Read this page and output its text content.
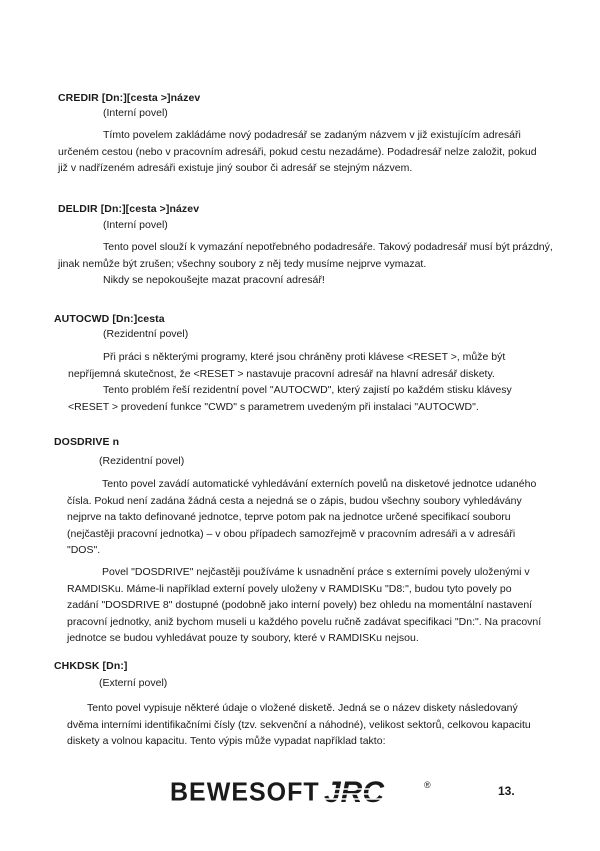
CREDIR [Dn:][cesta >]název
(Interní povel)
Tímto povelem zakládáme nový podadresář se zadaným názvem v již existujícím adresáři
určeném cestou (nebo v pracovním adresáři, pokud cestu nezadáme). Podadresář nelze založit, pokud
již v nadřízeném adresáři existuje jiný soubor či adresář se stejným názvem.
DELDIR [Dn:][cesta >]název
(Interní povel)
Tento povel slouží k vymazání nepotřebného podadresáře. Takový podadresář musí být prázdný,
jinak nemůže být zrušen; všechny soubory z něj tedy musíme nejprve vymazat.
Nikdy se nepokoušejte mazat pracovní adresář!
AUTOCWD [Dn:]cesta
(Rezidentní povel)
Při práci s některými programy, které jsou chráněny proti klávese <RESET >, může být
nepříjemná skutečnost, že <RESET > nastavuje pracovní adresář na hlavní adresář diskety.
Tento problém řeší rezidentní povel "AUTOCWD", který zajistí po každém stisku klávesy
<RESET > provedení funkce "CWD" s parametrem uvedeným při instalaci "AUTOCWD".
DOSDRIVE n
(Rezidentní povel)
Tento povel zavádí automatické vyhledávání externích povelů na disketové jednotce udaného
čísla. Pokud není zadána žádná cesta a nejedná se o zápis, budou všechny soubory vyhledávány
nejprve na takto definované jednotce, teprve potom pak na jednotce určené specifikací souboru
(nejčastěji pracovní jednotka) – v obou případech samozřejmě v pracovním adresáři a v adresáři
"DOS".
Povel "DOSDRIVE" nejčastěji používáme k usnadnění práce s externími povely uloženými v
RAMDISKu. Máme-li například externí povely uloženy v RAMDISKu "D8:", budou tyto povely po
zadání "DOSDRIVE 8" dostupné (podobně jako interní povely) bez ohledu na momentální nastavení
pracovní jednotky, aniž bychom museli u každého povelu ručně zadávat specifikaci "Dn:". Na pracovní
jednotce se budou vyhledávat pouze ty soubory, které v RAMDISKu nejsou.
CHKDSK [Dn:]
(Externí povel)
Tento povel vypisuje některé údaje o vložené disketě. Jedná se o název diskety následovaný
dvěma interními identifikačními čísly (tzv. sekvenční a náhodné), velikost sektorů, celkovou kapacitu
diskety a volnou kapacitu. Tento výpis může vypadat například takto:
BEWESOFT JRC	®	13.
